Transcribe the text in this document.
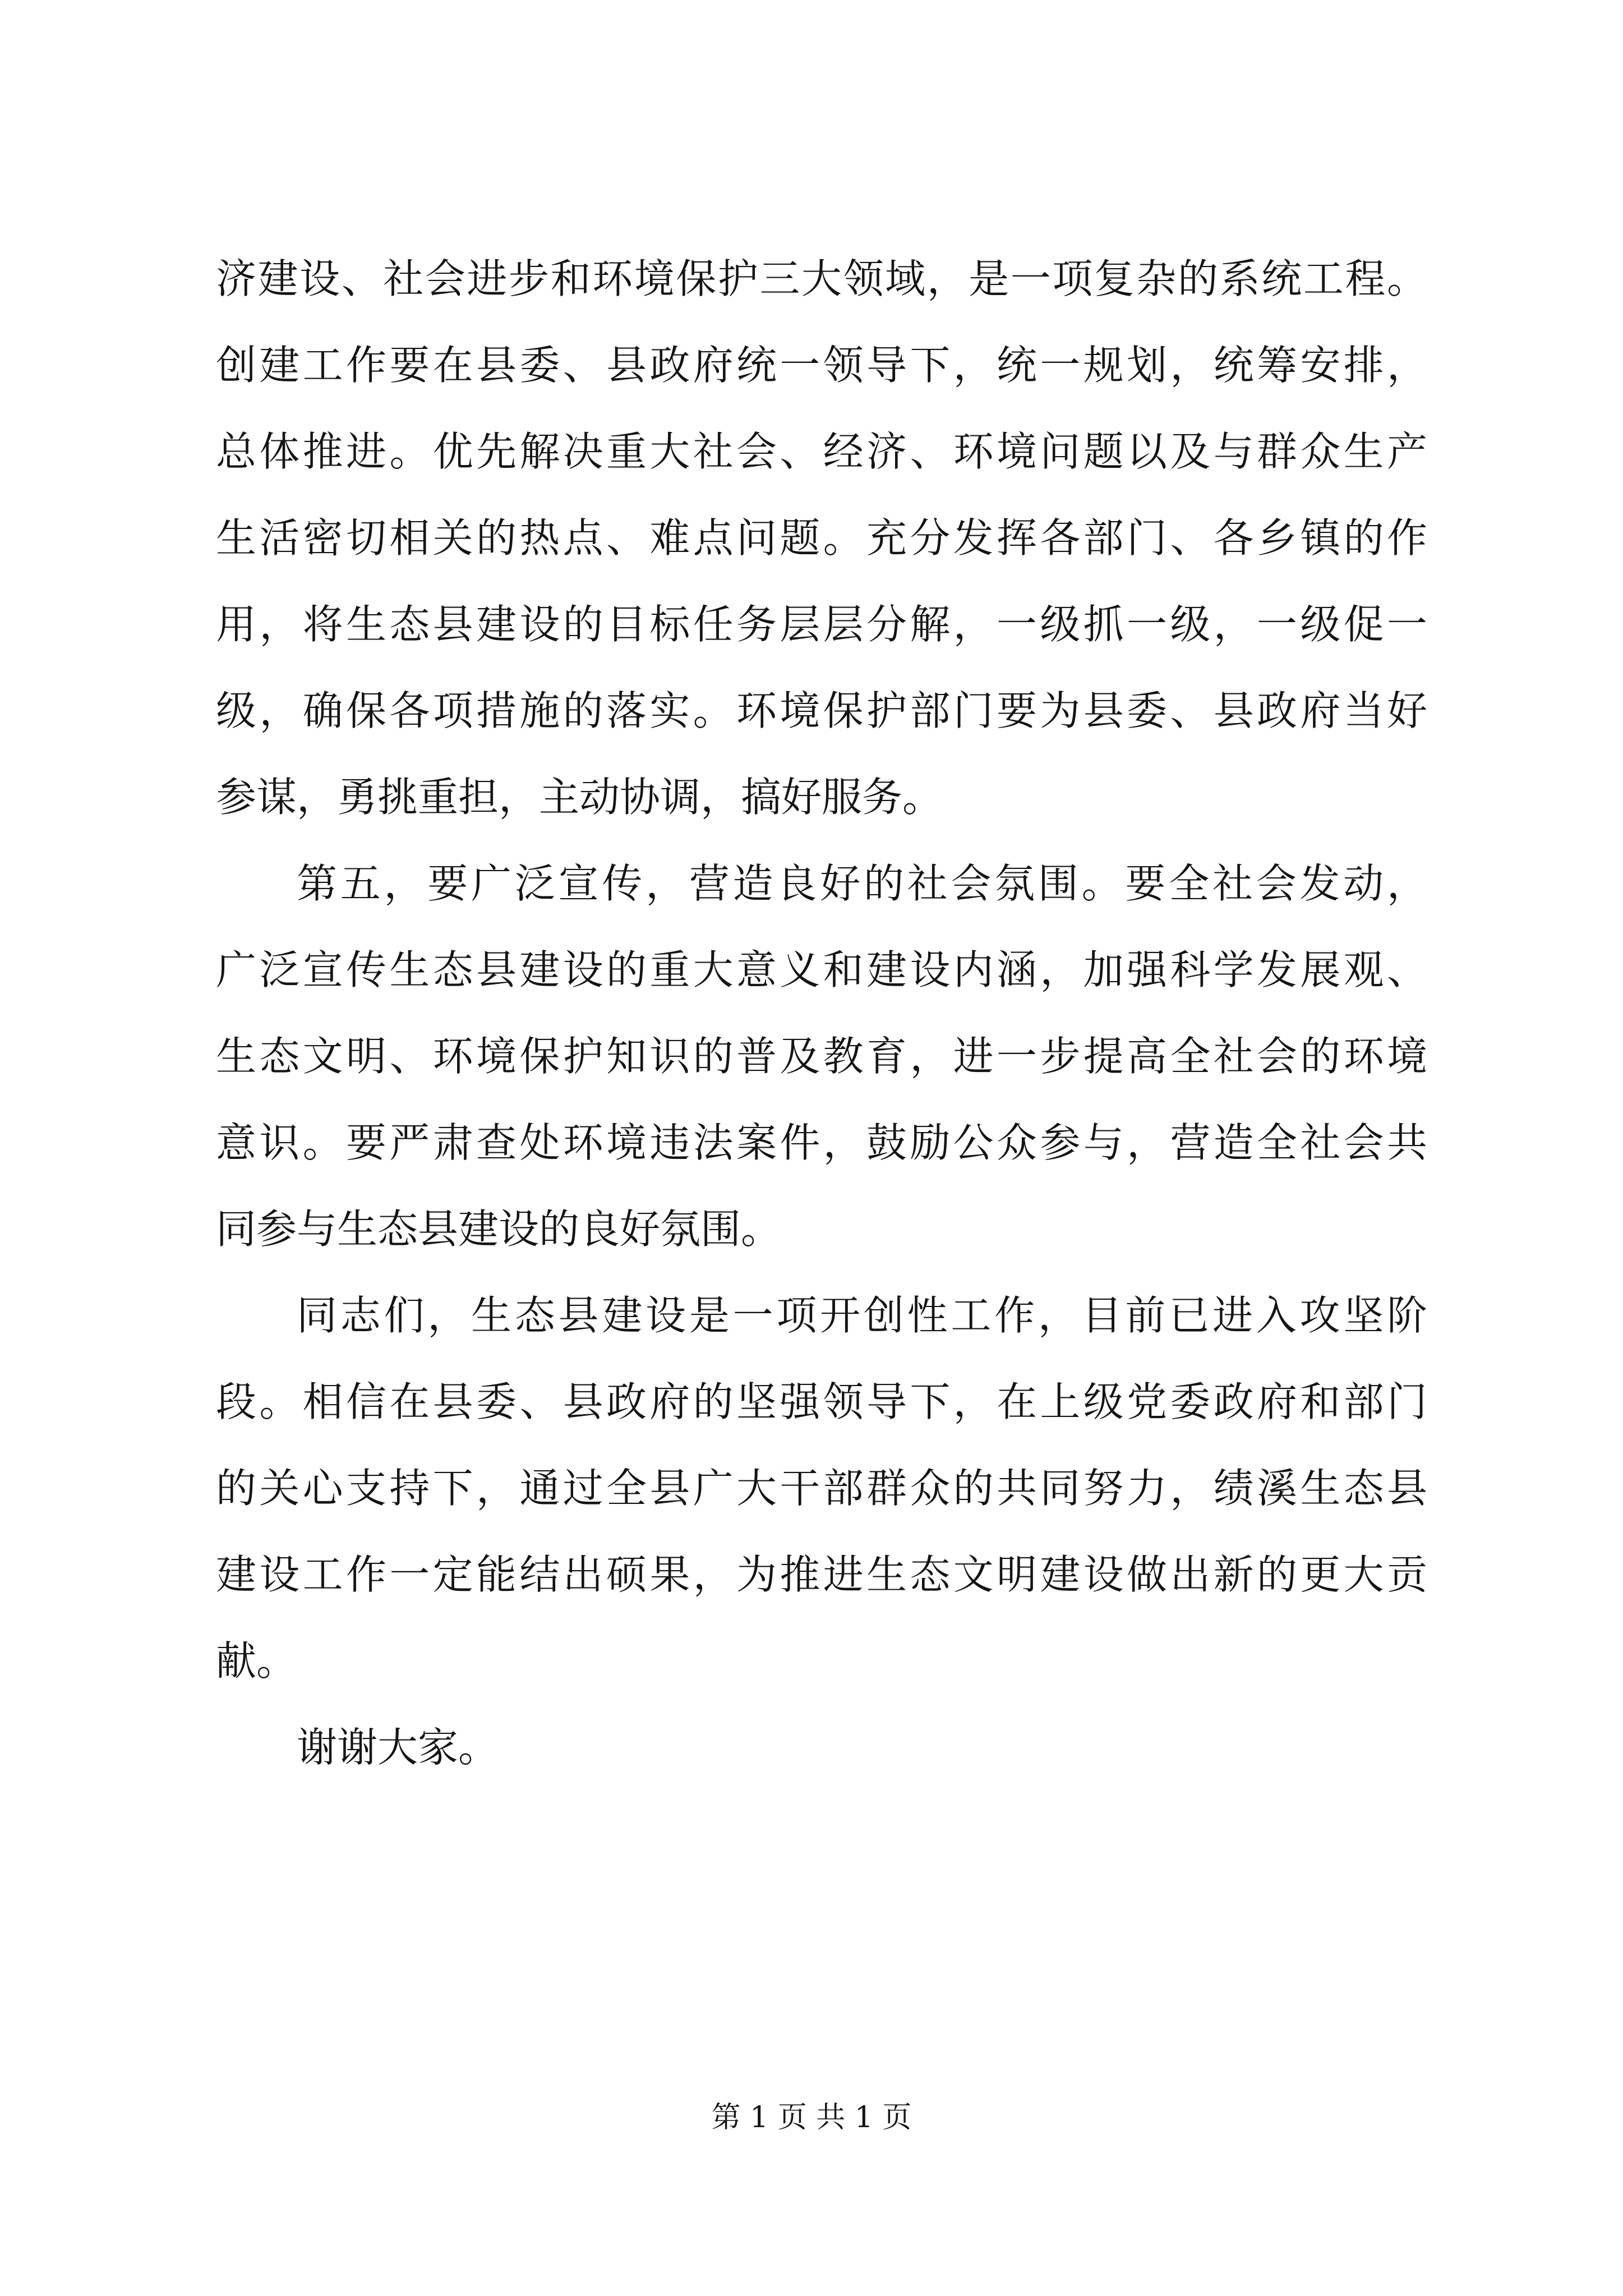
济建设、社会进步和环境保护三大领域，是一项复杂的系统工程。
创建工作要在县委、县政府统一领导下，统一规划，统筹安排，
总体推进。优先解决重大社会、经济、环境问题以及与群众生产
生活密切相关的热点、难点问题。充分发挥各部门、各乡镇的作
用，将生态县建设的目标任务层层分解，一级抓一级，一级促一
级，确保各项措施的落实。环境保护部门要为县委、县政府当好
参谋，勇挑重担，主动协调，搞好服务。
第五，要广泛宣传，营造良好的社会氛围。要全社会发动，
广泛宣传生态县建设的重大意义和建设内涵，加强科学发展观、
生态文明、环境保护知识的普及教育，进一步提高全社会的环境
意识。要严肃查处环境违法案件，鼓励公众参与，营造全社会共
同参与生态县建设的良好氛围。
同志们，生态县建设是一项开创性工作，目前已进入攻坚阶
段。相信在县委、县政府的坚强领导下，在上级党委政府和部门
的关心支持下，通过全县广大干部群众的共同努力，绩溪生态县
建设工作一定能结出硕果，为推进生态文明建设做出新的更大贡
献。
谢谢大家。
第 1 页 共 1 页
